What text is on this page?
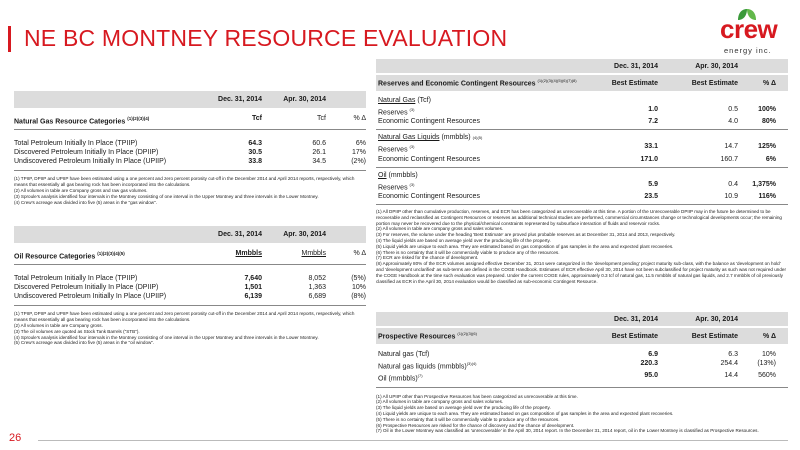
NE BC MONTNEY RESOURCE EVALUATION	crew
energy inc.
Dec. 31, 2014	Apr. 30, 2014
Natural Gas Resource Categories $^{(1)(2)(3)(4)}$	Tcf	Tcf	% Δ
Total Petroleum Initially In Place (TPIIP)	64.3	60.6	6%
Discovered Petroleum Initially In Place (DPIIP)	30.5	26.1	17%
Undiscovered Petroleum Initially In Place (UPIIP)	33.8	34.5	(2%)
(1) TPIIP, DPIIP and UPIIP have been estimated using a one percent and zero percent porosity cut-off in the December 2014 and April 2014 reports, respectively, which means that essentially all gas bearing rock has been incorporated into the calculations.
(2) All volumes in table are Company gross and raw gas volumes.
(3) Sproule's analysis identified four intervals in the Montney consisting of one interval in the Upper Montney and three intervals in the Lower Montney.
(4) Crew's acreage was divided into five (5) areas in the "gas window".
Dec. 31, 2014	Apr. 30, 2014
Oil Resource Categories $^{(1)(2)(3)(4)(5)}$	Mmbbls	Mmbbls	% Δ
Total Petroleum Initially In Place (TPIIP)	7,640	8,052	(5%)
Discovered Petroleum Initially In Place (DPIIP)	1,501	1,363	10%
Undiscovered Petroleum Initially In Place (UPIIP)	6,139	6,689	(8%)
(1) TPIIP, DPIIP and UPIIP have been estimated using a one percent and zero percent porosity cut-off in the December 2014 and April 2014 reports, respectively, which means that essentially all gas bearing rock has been incorporated into the calculations.
(2) All volumes in table are Company gross.
(3) The oil volumes are quoted as Stock Tank Barrels ("STB").
(4) Sproule's analysis identified four intervals in the Montney consisting of one interval in the Upper Montney and three intervals in the Lower Montney.
(5) Crew's acreage was divided into five (5) areas in the "oil window".
Dec. 31, 2014	Apr. 30, 2014
Reserves and Economic Contingent Resources $^{(1)(2)(3)(4)(5)(6)(7)(8)}$	Best Estimate	Best Estimate	% Δ
Natural Gas
(Tcf)
Reserves $^{(3)}$	1.0	0.5	100%
Economic Contingent Resources	7.2	4.0	80%
Natural Gas Liquids
(mmbbls)
(4)(5)
Reserves $^{(3)}$	33.1	14.7	125%
Economic Contingent Resources	171.0	160.7	6%
Oil
(mmbbls)
Reserves $^{(3)}$	5.9	0.4	1,375%
Economic Contingent Resources	23.5	10.9	116%
(1) All DPIIP other than cumulative production, reserves, and ECR has been categorized as unrecoverable at this time. A portion of the Unrecoverable DPIIP may in the future be determined to be recoverable and reclassified as Contingent Resources or reserves as additional technical studies are performed, commercial circumstances change or technological developments occur; the remaining portion may never be recovered due to the physical/chemical constraints represented by subsurface interaction of fluids and reservoir rocks.
(2) All volumes in table are company gross and sales volumes.
(3) For reserves, the volume under the heading 'Best Estimate' are proved plus probable reserves as at December 31, 2014 and 2013, respectively.
(4) The liquid yields are based on average yield over the producing life of the property.
(5) Liquid yields are unique to each area. They are estimated based on gas composition of gas samples in the area and expected plant recoveries.
(6) There is no certainty that it will be commercially viable to produce any of the resources.
(7) ECR are risked for the chance of development.
(8) Approximately 80% of the ECR volumes assigned effective December 31, 2014 were categorized in the 'development pending' project maturity sub-class, with the balance as 'development on hold' and 'development unclarified' as sub-terms are defined in the COGE Handbook. Estimates of ECR effective April 30, 2014 have not been subclassified for project maturity as such was not required under the COGE Handbook at the time such evaluation was prepared. Under the current COGE rules, approximately 0.3 tcf of natural gas, 11.5 mmbbls of natural gas liquids, and 2.7 mmbbls of oil previously classified as ECR in the April 30, 2014 evaluation would be classified as sub-economic Contingent Resource.
Dec. 31, 2014	Apr. 30, 2014
Prospective Resources $^{(1)(2)(3)(6)}$	Best Estimate	Best Estimate	% Δ
Natural gas (Tcf)	6.9	6.3	10%
Natural gas liquids (mmbbls)$^{(3)(4)}$	220.3	254.4	(13%)
Oil (mmbbls)$^{(7)}$	95.0	14.4	560%
(1) All UPIIP other than Prospective Resources has been categorized as unrecoverable at this time.
(2) All volumes in table are company gross and sales volumes.
(3) The liquid yields are based on average yield over the producing life of the property.
(4) Liquid yields are unique to each area. They are estimated based on gas composition of gas samples in the area and expected plant recoveries.
(5) There is no certainty that it will be commercially viable to produce any of the resources.
(6) Prospective Resources are risked for the chance of discovery and the chance of development.
(7) Oil in the Lower Montney was classified as 'unrecoverable' in the April 30, 2014 report. In the December 31, 2014 report, oil in the Lower Montney is classified as Prospective Resources.
26
